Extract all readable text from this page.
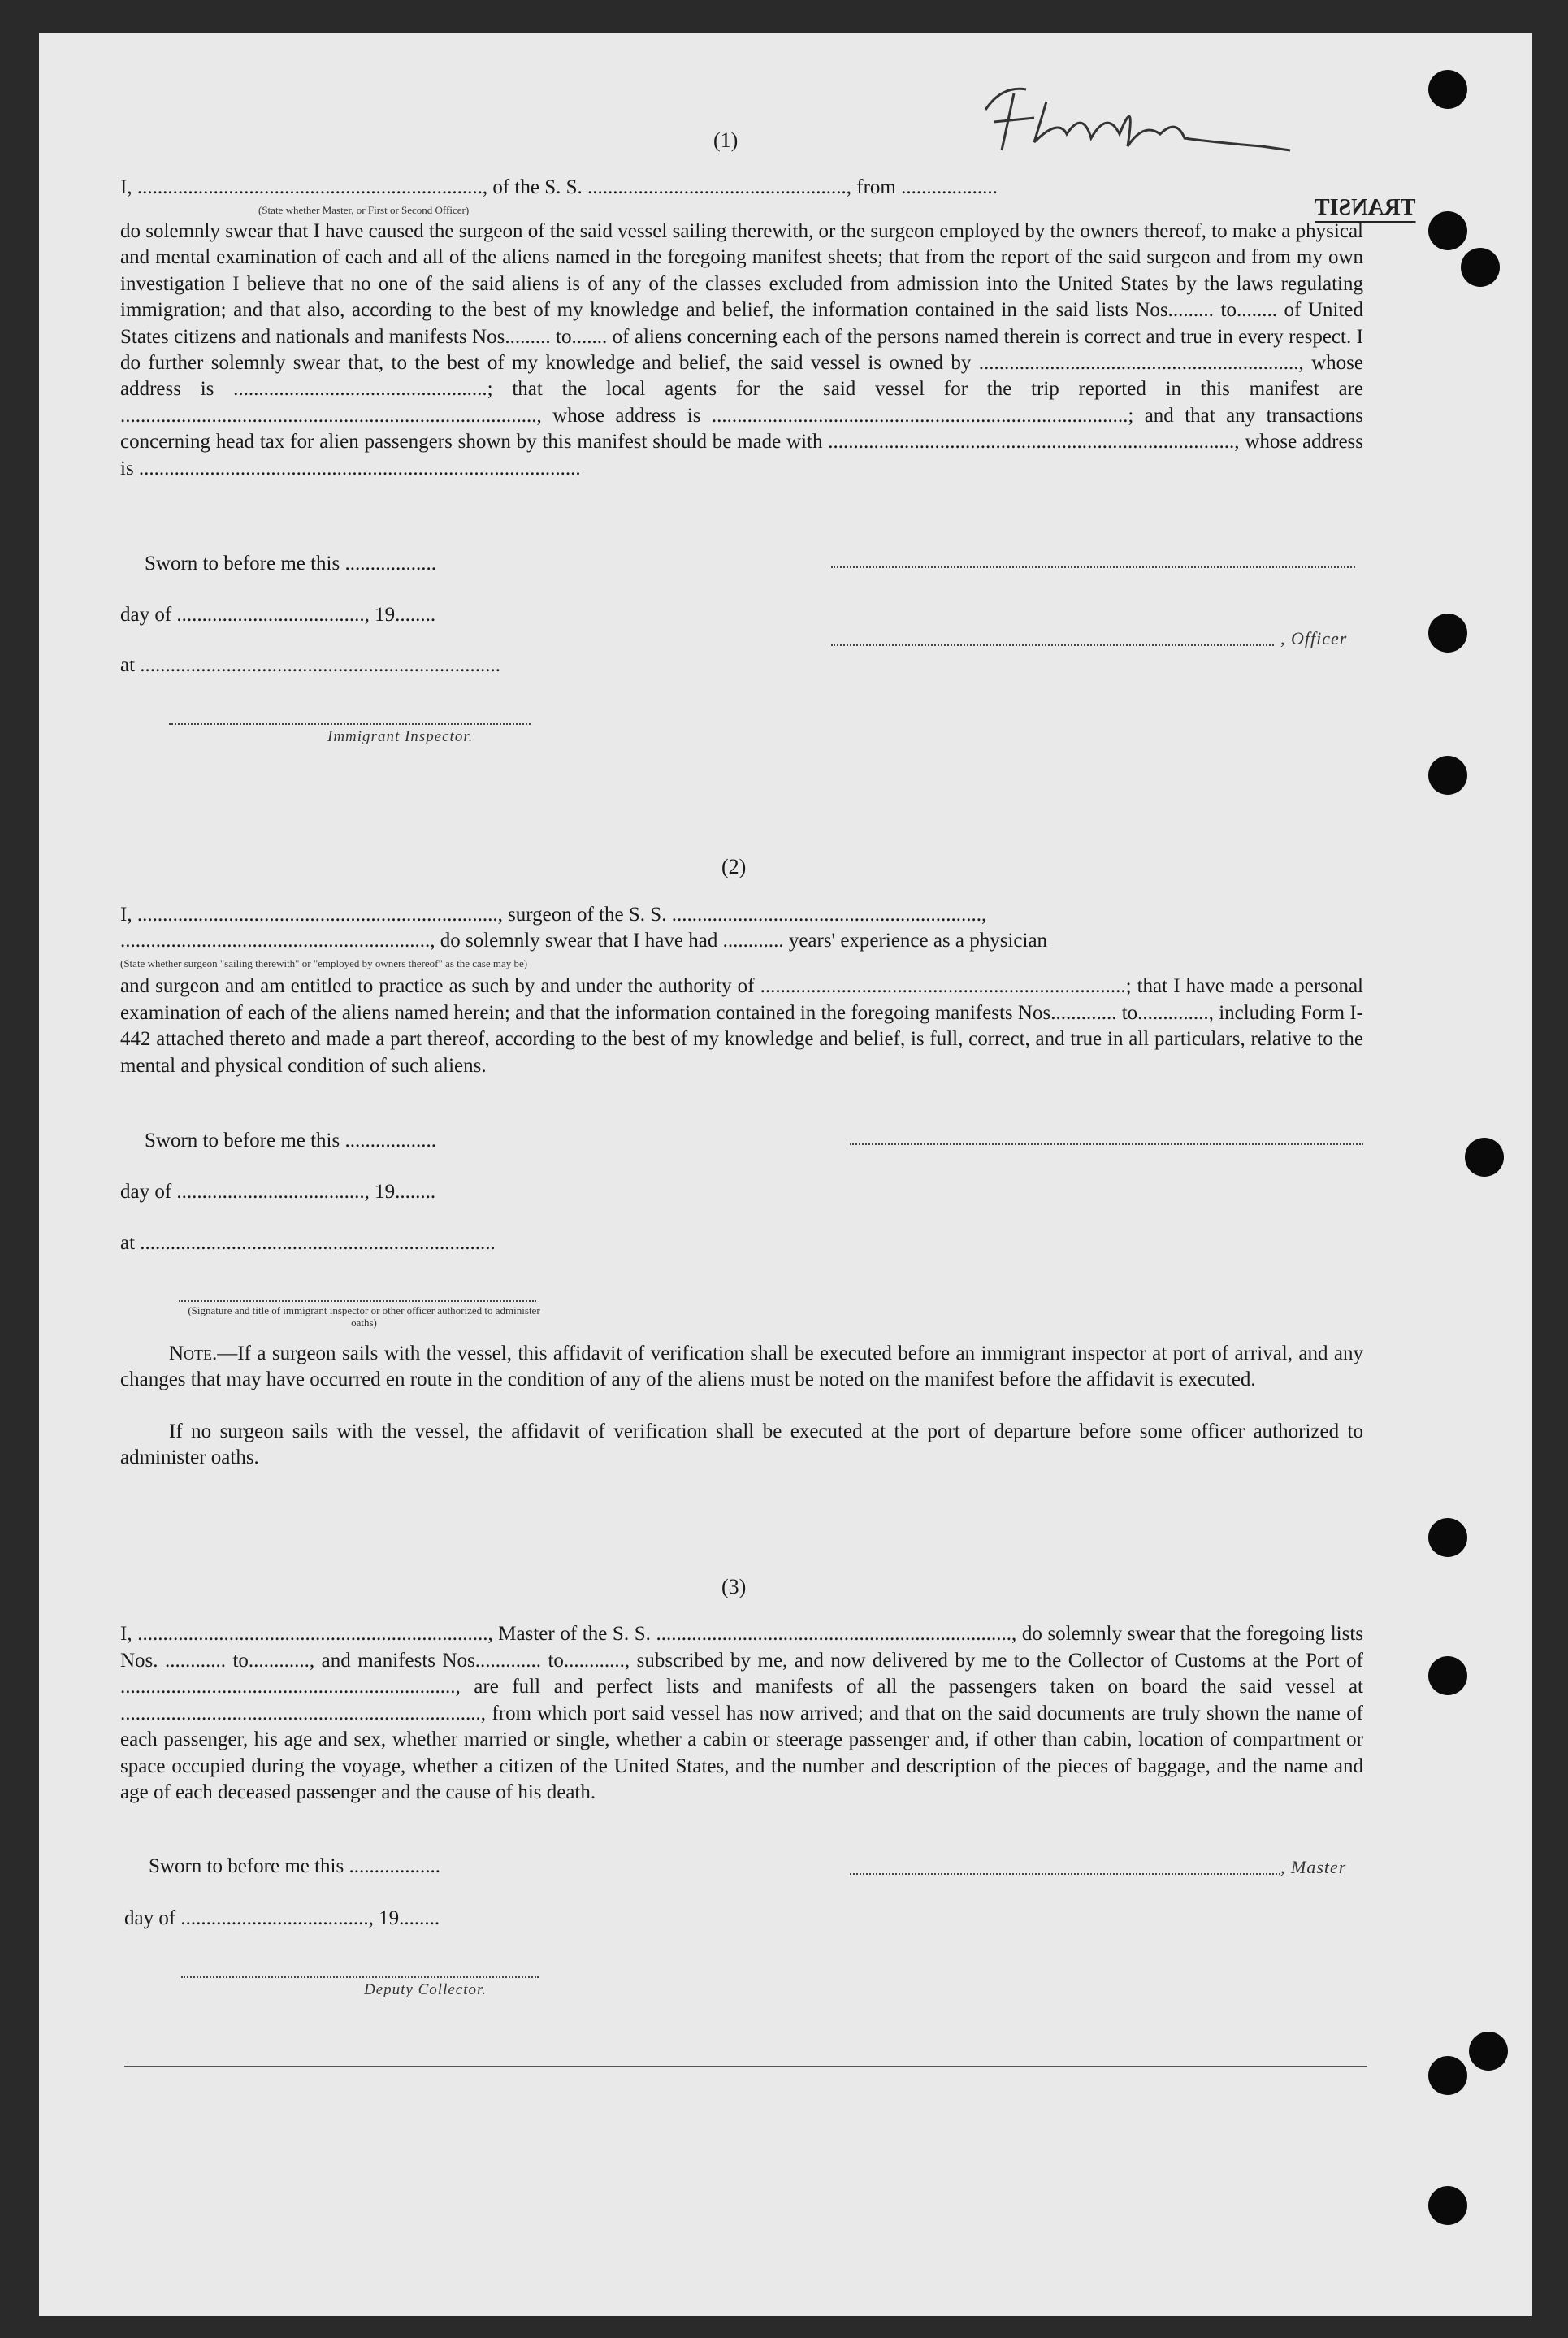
TRANSIT
(1)
I, ...................................................................., of the S. S. ..................................................., from ...................
(State whether Master, or First or Second Officer)
do solemnly swear that I have caused the surgeon of the said vessel sailing therewith, or the surgeon employed by the owners thereof, to make a physical and mental examination of each and all of the aliens named in the foregoing manifest sheets; that from the report of the said surgeon and from my own investigation I believe that no one of the said aliens is of any of the classes excluded from admission into the United States by the laws regulating immigration; and that also, according to the best of my knowledge and belief, the information contained in the said lists Nos......... to........ of United States citizens and nationals and manifests Nos......... to....... of aliens concerning each of the persons named therein is correct and true in every respect. I do further solemnly swear that, to the best of my knowledge and belief, the said vessel is owned by ..............................................................., whose address is ..................................................; that the local agents for the said vessel for the trip reported in this manifest are .................................................................................., whose address is ..................................................................................; and that any transactions concerning head tax for alien passengers shown by this manifest should be made with ................................................................................, whose address is .......................................................................................
Sworn to before me this ..................
day of ....................................., 19........
, Officer
at .......................................................................
Immigrant Inspector.
(2)
I, ......................................................................., surgeon of the S. S. .............................................................,
............................................................., do solemnly swear that I have had ............ years' experience as a physician
(State whether surgeon "sailing therewith" or "employed by owners thereof" as the case may be)
and surgeon and am entitled to practice as such by and under the authority of ........................................................................; that I have made a personal examination of each of the aliens named herein; and that the information contained in the foregoing manifests Nos............. to.............., including Form I-442 attached thereto and made a part thereof, according to the best of my knowledge and belief, is full, correct, and true in all particulars, relative to the mental and physical condition of such aliens.
Sworn to before me this ..................
day of ....................................., 19........
at ......................................................................
(Signature and title of immigrant inspector or other officer authorized to administer oaths)
Note.—If a surgeon sails with the vessel, this affidavit of verification shall be executed before an immigrant inspector at port of arrival, and any changes that may have occurred en route in the condition of any of the aliens must be noted on the manifest before the affidavit is executed.
If no surgeon sails with the vessel, the affidavit of verification shall be executed at the port of departure before some officer authorized to administer oaths.
(3)
I, ....................................................................., Master of the S. S. ......................................................................, do solemnly swear that the foregoing lists Nos. ............ to............, and manifests Nos............. to............, subscribed by me, and now delivered by me to the Collector of Customs at the Port of .................................................................., are full and perfect lists and manifests of all the passengers taken on board the said vessel at ......................................................................., from which port said vessel has now arrived; and that on the said documents are truly shown the name of each passenger, his age and sex, whether married or single, whether a cabin or steerage passenger and, if other than cabin, location of compartment or space occupied during the voyage, whether a citizen of the United States, and the number and description of the pieces of baggage, and the name and age of each deceased passenger and the cause of his death.
Sworn to before me this ..................	, Master
day of ....................................., 19........
Deputy Collector.
